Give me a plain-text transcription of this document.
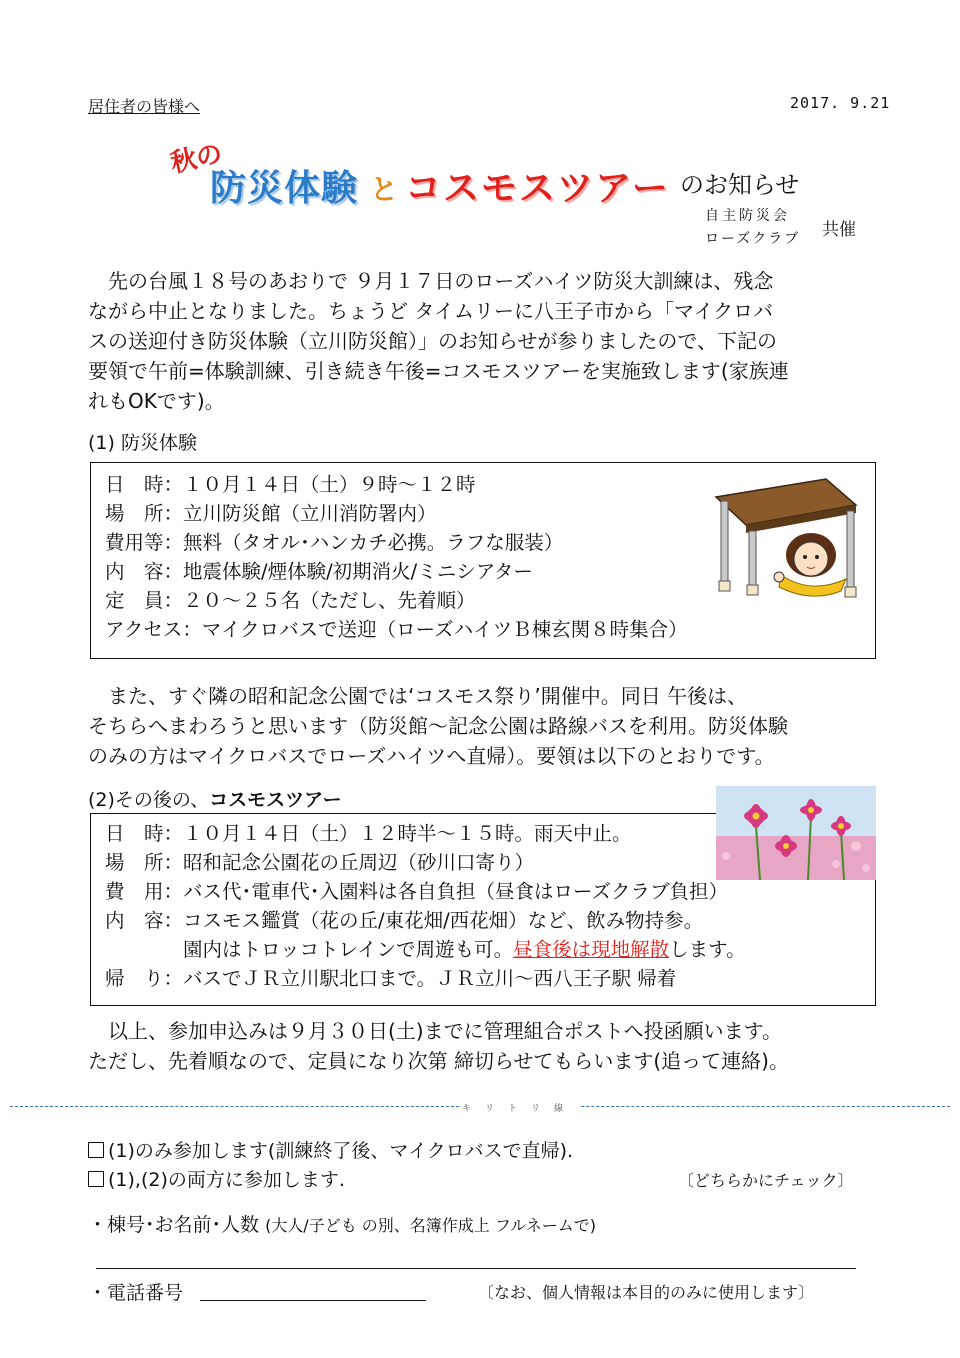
居住者の皆様へ	2017. 9.21
秋の
防災体験 と コスモスツアー のお知らせ
自主防災会
ローズクラブ 共催

　先の台風１８号のあおりで ９月１７日のローズハイツ防災大訓練は、残念

ながら中止となりました。ちょうど タイムリーに八王子市から「マイクロバ

スの送迎付き防災体験（立川防災館）」のお知らせが参りましたので、下記の

要領で午前=体験訓練、引き続き午後=コスモスツアーを実施致します(家族連

れもOKです)。

(1) 防災体験
日　時：１０月１４日（土）９時～１２時
場　所：立川防災館（立川消防署内）
費用等：無料（タオル･ハンカチ必携。ラフな服装）
内　容：地震体験/煙体験/初期消火/ミニシアター
定　員：２０～２５名（ただし、先着順）
アクセス：マイクロバスで送迎（ローズハイツＢ棟玄関８時集合）

　また、すぐ隣の昭和記念公園では‘コスモス祭り’開催中。同日 午後は、

そちらへまわろうと思います（防災館～記念公園は路線バスを利用。防災体験

のみの方はマイクロバスでローズハイツへ直帰）。要領は以下のとおりです。

(2)その後の、コスモスツアー
日　時：１０月１４日（土）１２時半～１５時。雨天中止。
場　所：昭和記念公園花の丘周辺（砂川口寄り）
費　用：バス代･電車代･入園料は各自負担（昼食はローズクラブ負担）
内　容：コスモス鑑賞（花の丘/東花畑/西花畑）など、飲み物持参。
　　　　園内はトロッコトレインで周遊も可。昼食後は現地解散します。
帰　り：バスでＪＲ立川駅北口まで。ＪＲ立川～西八王子駅 帰着

　以上、参加申込みは９月３０日(土)までに管理組合ポストへ投函願います。

ただし、先着順なので、定員になり次第 締切らせてもらいます(追って連絡)。

キリトリ線
(1)のみ参加します(訓練終了後、マイクロバスで直帰).
(1),(2)の両方に参加します.	〔どちらかにチェック〕
・棟号･お名前･人数 (大人/子ども の別、名簿作成上 フルネームで)
・電話番号	〔なお、個人情報は本目的のみに使用します〕
